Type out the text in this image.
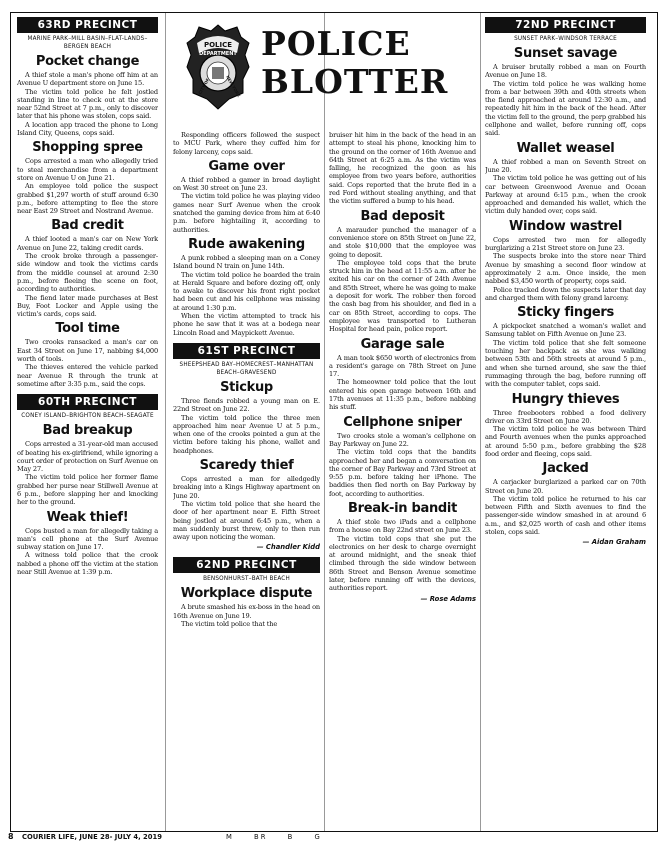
63RD PRECINCT
MARINE PARK–MILL BASIN–FLAT-LANDS–BERGEN BEACH
Pocket change

A thief stole a man's phone off him at an Avenue U department store on June 15.

The victim told police he felt jostled standing in line to check out at the store near 52nd Street at 7 p.m., only to discover later that his phone was stolen, cops said.

A location app traced the phone to Long Island City, Queens, cops said.

Shopping spree

Cops arrested a man who allegedly tried to steal merchandise from a department store on Avenue U on June 21.

An employee told police the suspect grabbed $1,297 worth of stuff around 6:30 p.m., before attempting to flee the store near East 29 Street and Nostrand Avenue.

Bad credit

A thief looted a man's car on New York Avenue on June 22, taking credit cards.

The crook broke through a passenger-side window and took the victims cards from the middle counsel at around 2:30 p.m., before fleeing the scene on foot, according to authorities.

The fiend later made purchases at Best Buy, Foot Locker and Apple using the victim's cards, cops said.

Tool time

Two crooks ransacked a man's car on East 34 Street on June 17, nabbing $4,000 worth of tools.

The thieves entered the vehicle parked near Avenue R through the trunk at sometime after 3:35 p.m., said the cops.

60TH PRECINCT
CONEY ISLAND–BRIGHTON BEACH–SEAGATE
Bad breakup

Cops arrested a 31-year-old man accused of beating his ex-girlfriend, while ignoring a court order of protection on Surf Avenue on May 27.

The victim told police her former flame grabbed her purse near Stillwell Avenue at 6 p.m., before slapping her and knocking her to the ground.

Weak thief!

Cops busted a man for allegedly taking a man's cell phone at the Surf Avenue subway station on June 17.

A witness told police that the crook nabbed a phone off the victim at the station near Still Avenue at 1:39 p.m.

POLICE
DEPARTMENT
CITY OF	NEW YORK
POLICE
BLOTTER

Responding officers followed the suspect to MCU Park, where they cuffed him for felony larceny, cops said.

Game over

A thief robbed a gamer in broad daylight on West 30 street on June 23.

The victim told police he was playing video games near Surf Avenue when the crook snatched the gaming device from him at 6:40 p.m. before hightailing it, according to authorities.

Rude awakening

A punk robbed a sleeping man on a Coney Island bound N train on June 14th.

The victim told police he boarded the train at Herald Square and before dozing off, only to awake to discover his front right pocket had been cut and his cellphone was missing at around 1:30 p.m.

When the victim attempted to track his phone he saw that it was at a bodega near Lincoln Road and Maypickett Avenue.

61ST PRECINCT
SHEEPSHEAD BAY–HOMECREST–MANHATTAN BEACH–GRAVESEND
Stickup

Three fiends robbed a young man on E. 22nd Street on June 22.

The victim told police the three men approached him near Avenue U at 5 p.m., when one of the crooks pointed a gun at the victim before taking his phone, wallet and headphones.

Scaredy thief

Cops arrested a man for alledgedly breaking into a Kings Highway apartment on June 20.

The victim told police that she heard the door of her apartment near E. Fifth Street being jostled at around 6:45 p.m., when a man suddenly burst threw, only to then run away upon noticing the woman.

— Chandler Kidd
62ND PRECINCT
BENSONHURST–BATH BEACH
Workplace dispute

A brute smashed his ex-boss in the head on 16th Avenue on June 19.

The victim told police that the

bruiser hit him in the back of the head in an attempt to steal his phone, knocking him to the ground on the corner of 16th Avenue and 64th Street at 6:25 a.m. As the victim was falling, he recognized the goon as his employee from two years before, authorities said. Cops reported that the brute fled in a red Ford without stealing anything, and that the victim suffered a bump to his head.

Bad deposit

A marauder punched the manager of a convenience store on 85th Street on June 22, and stole $10,000 that the employee was going to deposit.

The employee told cops that the brute struck him in the head at 11:55 a.m. after he exited his car on the corner of 24th Avenue and 85th Street, where he was going to make a deposit for work. The robber then forced the cash bag from his shoulder, and fled in a car on 85th Street, according to cops. The employee was transported to Lutheran Hospital for head pain, police report.

Garage sale

A man took $650 worth of electronics from a resident's garage on 78th Street on June 17.

The homeowner told police that the lout entered his open garage between 16th and 17th avenues at 11:35 p.m., before nabbing his stuff.

Cellphone sniper

Two crooks stole a woman's cellphone on Bay Parkway on June 22.

The victim told cops that the bandits approached her and began a conversation on the corner of Bay Parkway and 73rd Street at 9:55 p.m. before taking her iPhone. The baddies then fled north on Bay Parkway by foot, according to authorities.

Break-in bandit

A thief stole two iPads and a cellphone from a house on Bay 22nd street on June 23.

The victim told cops that she put the electronics on her desk to charge overnight at around midnight, and the sneak thief climbed through the side window between 86th Street and Benson Avenue sometime later, before running off with the devices, authorities report.

— Rose Adams
72ND PRECINCT
SUNSET PARK–WINDSOR TERRACE
Sunset savage

A bruiser brutally robbed a man on Fourth Avenue on June 18.

The victim told police he was walking home from a bar between 39th and 40th streets when the fiend approached at around 12:30 a.m., and repeatedly hit him in the back of the head. After the victim fell to the ground, the perp grabbed his cellphone and wallet, before running off, cops said.

Wallet weasel

A thief robbed a man on Seventh Street on June 20.

The victim told police he was getting out of his car between Greenwood Avenue and Ocean Parkway at around 6:15 p.m., when the crook approached and demanded his wallet, which the victim duly handed over, cops said.

Window wastrel

Cops arrested two men for allegedly burglarizing a 21st Street store on June 23.

The suspects broke into the store near Third Avenue by smashing a second floor window at approximately 2 a.m. Once inside, the men nabbed $3,450 worth of property, cops said.

Police tracked down the suspects later that day and charged them with felony grand larceny.

Sticky fingers

A pickpocket snatched a woman's wallet and Samsung tablet on Fifth Avenue on June 23.

The victim told police that she felt someone touching her backpack as she was walking between 53th and 56th streets at around 5 p.m., and when she turned around, she saw the thief rummaging through the bag, before running off with the computer tablet, cops said.

Hungry thieves

Three freebooters robbed a food delivery driver on 33rd Street on June 20.

The victim told police he was between Third and Fourth avenues when the punks approached at around 5:50 p.m., before grabbing the $28 food order and fleeing, cops said.

Jacked

A carjacker burglarized a parked car on 70th Street on June 20.

The victim told police he returned to his car between Fifth and Sixth avenues to find the passenger-side window smashed in at around 6 a.m., and $2,025 worth of cash and other items stolen, cops said.

— Aidan Graham
8 COURIER LIFE, JUNE 28- JULY 4, 2019	M	BR	B	G
